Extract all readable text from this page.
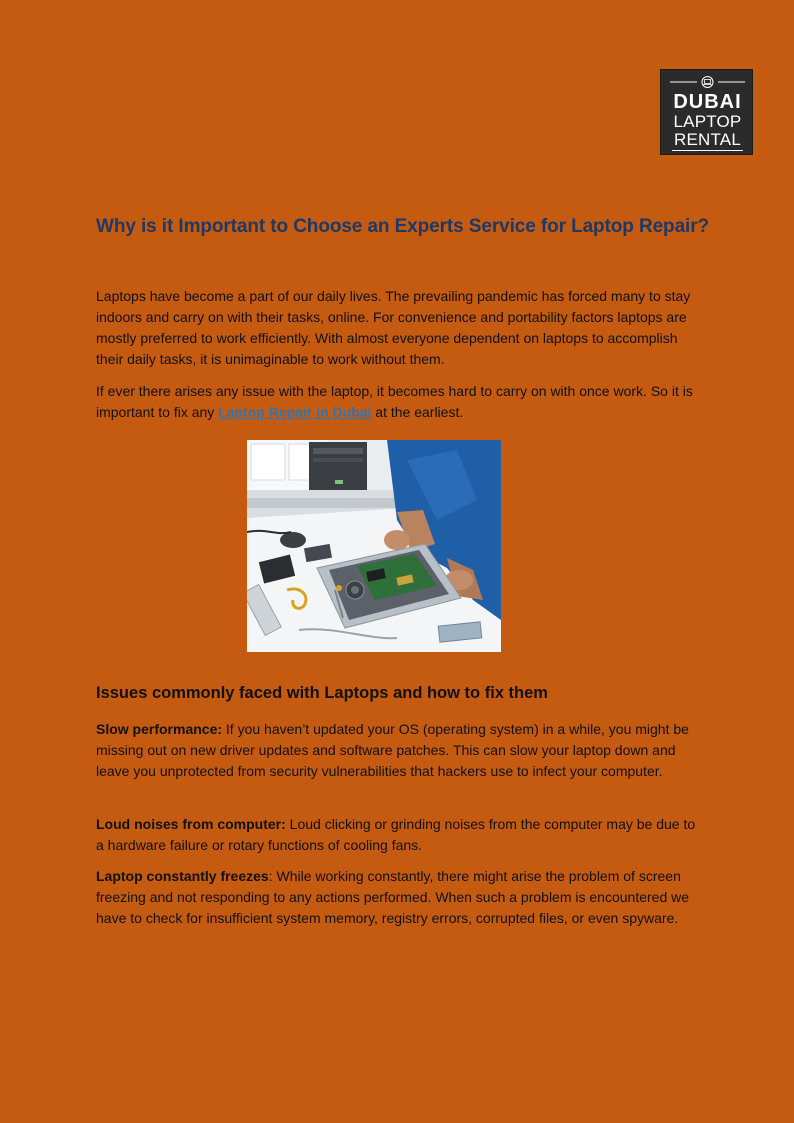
DUBAI
LAPTOP
RENTAL
Why is it Important to Choose an Experts Service for Laptop Repair?

Laptops have become a part of our daily lives. The prevailing pandemic has forced many to stay indoors and carry on with their tasks, online. For convenience and portability factors laptops are mostly preferred to work efficiently. With almost everyone dependent on laptops to accomplish their daily tasks, it is unimaginable to work without them.

If ever there arises any issue with the laptop, it becomes hard to carry on with once work. So it is important to fix any Laptop Repair in Dubai at the earliest.

Issues commonly faced with Laptops and how to fix them

Slow performance: If you haven’t updated your OS (operating system) in a while, you might be missing out on new driver updates and software patches. This can slow your laptop down and leave you unprotected from security vulnerabilities that hackers use to infect your computer.

Loud noises from computer: Loud clicking or grinding noises from the computer may be due to a hardware failure or rotary functions of cooling fans.

Laptop constantly freezes: While working constantly, there might arise the problem of screen freezing and not responding to any actions performed. When such a problem is encountered we have to check for insufficient system memory, registry errors, corrupted files, or even spyware.
